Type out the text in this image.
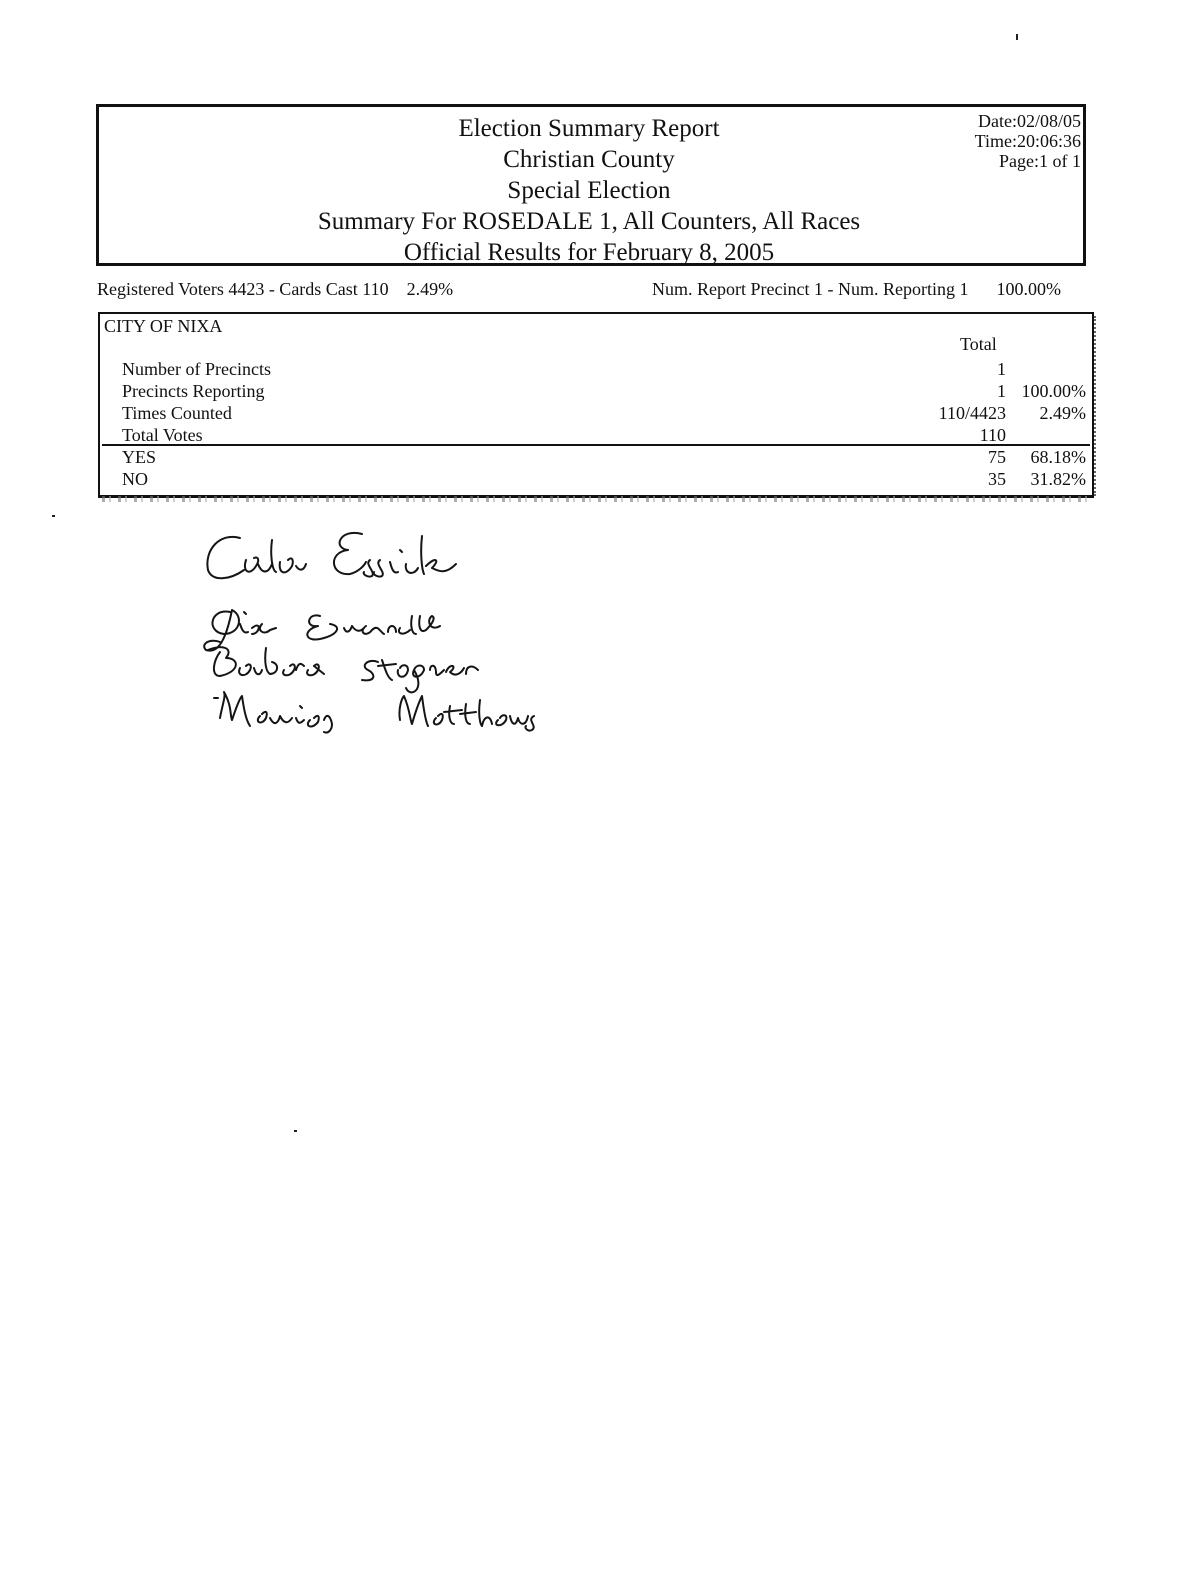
Election Summary Report
Christian County
Special Election
Summary For ROSEDALE 1, All Counters, All Races
Official Results for February 8, 2005
Date:02/08/05
Time:20:06:36
Page:1 of 1
Registered Voters 4423 - Cards Cast 110 2.49%	Num. Report Precinct 1 - Num. Reporting 1 100.00%
CITY OF NIXA
Total
Number of Precincts	1
Precincts Reporting	1 100.00%
Times Counted	110/4423 2.49%
Total Votes	110
YES	75 68.18%
NO	35 31.82%
